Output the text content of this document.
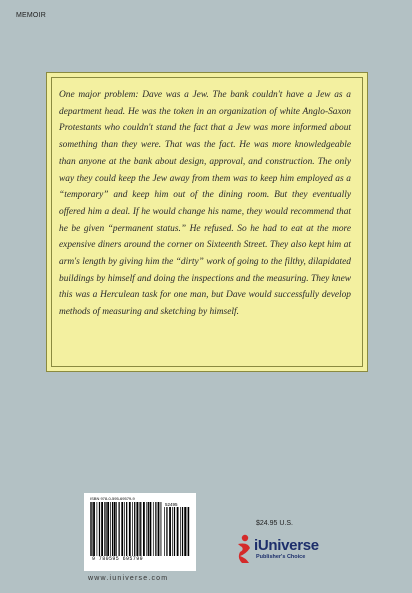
MEMOIR

One major problem: Dave was a Jew. The bank couldn't have a Jew as a department head. He was the token in an organization of white Anglo-Saxon Protestants who couldn't stand the fact that a Jew was more informed about something than they were. That was the fact. He was more knowledgeable than anyone at the bank about design, approval, and construction. The only way they could keep the Jew away from them was to keep him employed as a “temporary” and keep him out of the dining room. But they eventually offered him a deal. If he would change his name, they would recommend that he be given “permanent status.” He refused. So he had to eat at the more expensive diners around the corner on Sixteenth Street. They also kept him at arm's length by giving him the “dirty” work of going to the filthy, dilapidated buildings by himself and doing the inspections and the measuring. They knew this was a Herculean task for one man, but Dave would successfully develop methods of measuring and sketching by himself.

ISBN 978-0-595-69579-9
52495
9 780595 695799
www.iuniverse.com
$24.95 U.S.
iUniverse
Publisher's Choice
